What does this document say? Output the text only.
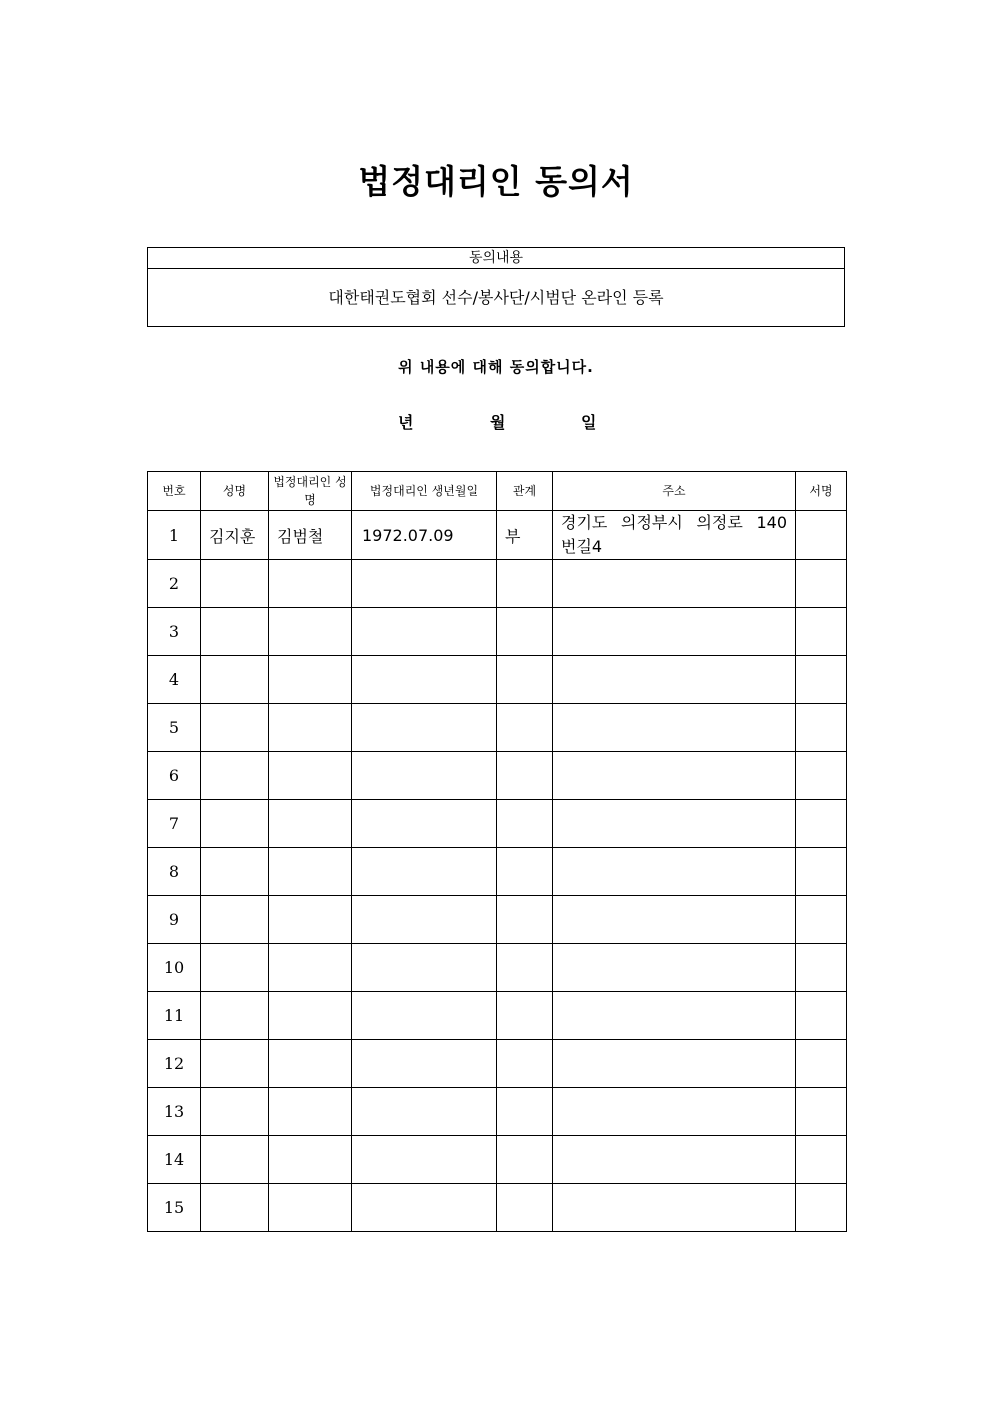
법정대리인 동의서
동의내용
대한태권도협회 선수/봉사단/시범단 온라인 등록
위 내용에 대해 동의합니다.
년	월	일
번호	성명	법정대리인 성명	법정대리인 생년월일	관계	주소	서명
1	김지훈	김범철	1972.07.09	부	경기도 의정부시 의정로 140번길4	
2						
3						
4						
5						
6						
7						
8						
9						
10						
11						
12						
13						
14						
15						
